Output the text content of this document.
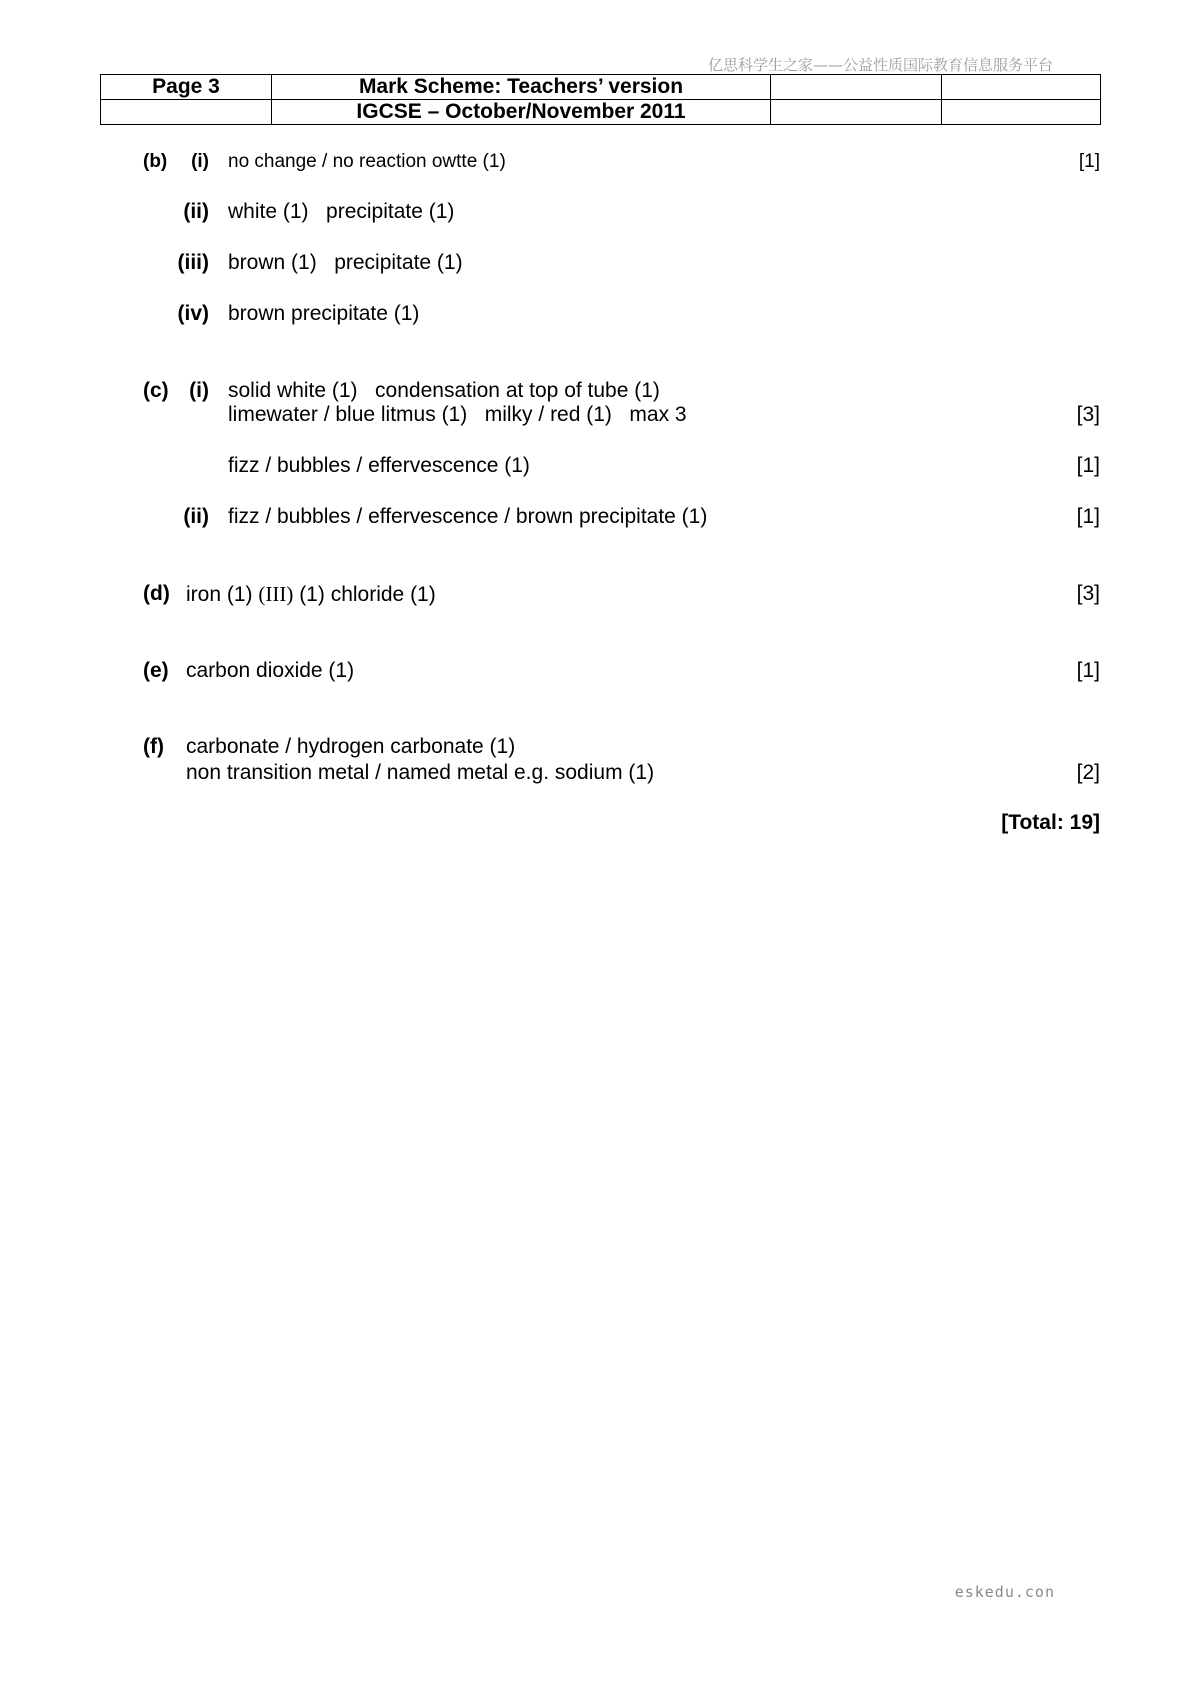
亿思科学生之家——公益性质国际教育信息服务平台
Page 3	Mark Scheme: Teachers’ version		
	IGCSE – October/November 2011		
(b) (i) no change / no reaction owtte (1)	[1]
(ii) white (1)   precipitate (1)
(iii) brown (1)   precipitate (1)
(iv) brown precipitate (1)
(c) (i) solid white (1)   condensation at top of tube (1)
limewater / blue litmus (1)   milky / red (1)   max 3	[3]
fizz / bubbles / effervescence (1)	[1]
(ii) fizz / bubbles / effervescence / brown precipitate (1)	[1]
(d) iron (1) (III) (1) chloride (1)	[3]
(e) carbon dioxide (1)	[1]
(f) carbonate / hydrogen carbonate (1)
non transition metal / named metal e.g. sodium (1)	[2]
[Total: 19]
eskedu.con
